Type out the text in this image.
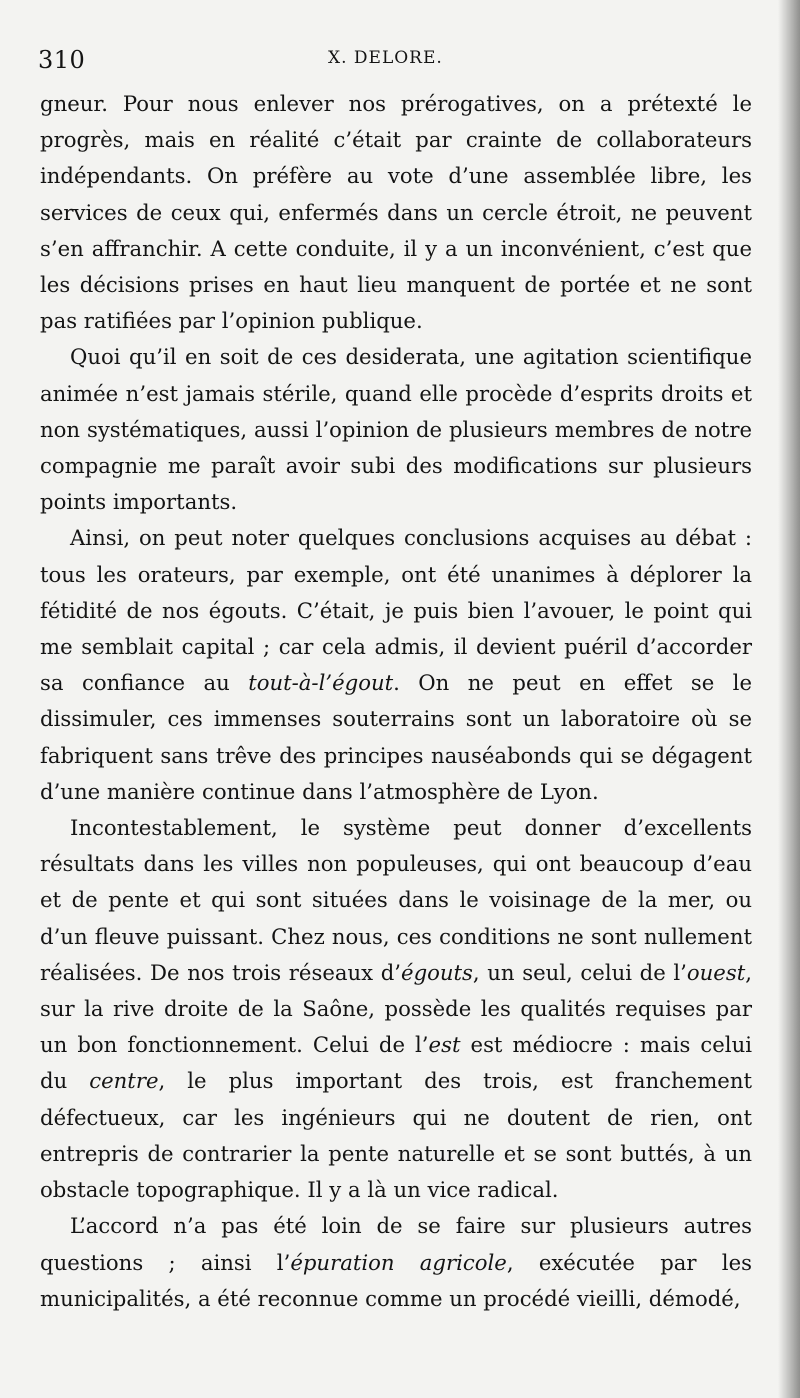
310	X. DELORE.

gneur. Pour nous enlever nos prérogatives, on a prétexté le progrès, mais en réalité c’était par crainte de collaborateurs indépendants. On préfère au vote d’une assemblée libre, les services de ceux qui, enfermés dans un cercle étroit, ne peuvent s’en affranchir. A cette conduite, il y a un inconvénient, c’est que les décisions prises en haut lieu manquent de portée et ne sont pas ratifiées par l’opinion publique.

Quoi qu’il en soit de ces desiderata, une agitation scientifique animée n’est jamais stérile, quand elle procède d’esprits droits et non systématiques, aussi l’opinion de plusieurs membres de notre compagnie me paraît avoir subi des modifications sur plusieurs points importants.

Ainsi, on peut noter quelques conclusions acquises au débat : tous les orateurs, par exemple, ont été unanimes à déplorer la fétidité de nos égouts. C’était, je puis bien l’avouer, le point qui me semblait capital ; car cela admis, il devient puéril d’accorder sa confiance au tout-à-l’égout. On ne peut en effet se le dissimuler, ces immenses souterrains sont un laboratoire où se fabriquent sans trêve des principes nauséabonds qui se dégagent d’une manière continue dans l’atmosphère de Lyon.

Incontestablement, le système peut donner d’excellents résultats dans les villes non populeuses, qui ont beaucoup d’eau et de pente et qui sont situées dans le voisinage de la mer, ou d’un fleuve puissant. Chez nous, ces conditions ne sont nullement réalisées. De nos trois réseaux d’égouts, un seul, celui de l’ouest, sur la rive droite de la Saône, possède les qualités requises par un bon fonctionnement. Celui de l’est est médiocre : mais celui du centre, le plus important des trois, est franchement défectueux, car les ingénieurs qui ne doutent de rien, ont entrepris de contrarier la pente naturelle et se sont buttés, à un obstacle topographique. Il y a là un vice radical.

L’accord n’a pas été loin de se faire sur plusieurs autres questions ; ainsi l’épuration agricole, exécutée par les municipalités, a été reconnue comme un procédé vieilli, démodé,
